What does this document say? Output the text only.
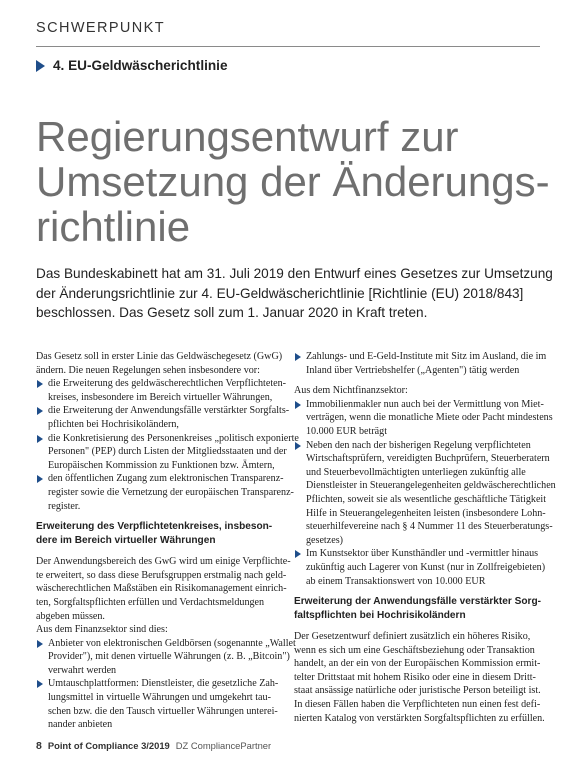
SCHWERPUNKT
4. EU-Geldwäscherichtlinie
Regierungsentwurf zur
Umsetzung der Änderungs-
richtlinie
Das Bundeskabinett hat am 31. Juli 2019 den Entwurf eines Gesetzes zur Umsetzung
der Änderungsrichtlinie zur 4. EU-Geldwäscherichtlinie [Richtlinie (EU) 2018/843]
beschlossen. Das Gesetz soll zum 1. Januar 2020 in Kraft treten.

Das Gesetz soll in erster Linie das Geldwäschegesetz (GwG)
ändern. Die neuen Regelungen sehen insbesondere vor:

die Erweiterung des geldwäscherechtlichen Verpflichteten-
kreises, insbesondere im Bereich virtueller Währungen,
die Erweiterung der Anwendungsfälle verstärkter Sorgfalts-
pflichten bei Hochrisikoländern,
die Konkretisierung des Personenkreises „politisch exponierte
Personen" (PEP) durch Listen der Mitgliedsstaaten und der
Europäischen Kommission zu Funktionen bzw. Ämtern,
den öffentlichen Zugang zum elektronischen Transparenz-
register sowie die Vernetzung der europäischen Transparenz-
register.

Erweiterung des Verpflichtetenkreises, insbeson-
dere im Bereich virtueller Währungen

Der Anwendungsbereich des GwG wird um einige Verpflichte-
te erweitert, so dass diese Berufsgruppen erstmalig nach geld-
wäscherechtlichen Maßstäben ein Risikomanagement einrich-
ten, Sorgfaltspflichten erfüllen und Verdachtsmeldungen
abgeben müssen.
Aus dem Finanzsektor sind dies:

Anbieter von elektronischen Geldbörsen (sogenannte „Wallet
Provider"), mit denen virtuelle Währungen (z. B. „Bitcoin")
verwahrt werden
Umtauschplattformen: Dienstleister, die gesetzliche Zah-
lungsmittel in virtuelle Währungen und umgekehrt tau-
schen bzw. die den Tausch virtueller Währungen unterei-
nander anbieten
Zahlungs- und E-Geld-Institute mit Sitz im Ausland, die im
Inland über Vertriebshelfer („Agenten") tätig werden

Aus dem Nichtfinanzsektor:

Immobilienmakler nun auch bei der Vermittlung von Miet-
verträgen, wenn die monatliche Miete oder Pacht mindestens
10.000 EUR beträgt
Neben den nach der bisherigen Regelung verpflichteten
Wirtschaftsprüfern, vereidigten Buchprüfern, Steuerberatern
und Steuerbevollmächtigten unterliegen zukünftig alle
Dienstleister in Steuerangelegenheiten geldwäscherechtlichen
Pflichten, soweit sie als wesentliche geschäftliche Tätigkeit
Hilfe in Steuerangelegenheiten leisten (insbesondere Lohn-
steuerhilfevereine nach § 4 Nummer 11 des Steuerberatungs-
gesetzes)
Im Kunstsektor über Kunsthändler und -vermittler hinaus
zukünftig auch Lagerer von Kunst (nur in Zollfreigebieten)
ab einem Transaktionswert von 10.000 EUR

Erweiterung der Anwendungsfälle verstärkter Sorg-
faltspflichten bei Hochrisikoländern

Der Gesetzentwurf definiert zusätzlich ein höheres Risiko,
wenn es sich um eine Geschäftsbeziehung oder Transaktion
handelt, an der ein von der Europäischen Kommission ermit-
telter Drittstaat mit hohem Risiko oder eine in diesem Dritt-
staat ansässige natürliche oder juristische Person beteiligt ist.
In diesen Fällen haben die Verpflichteten nun einen fest defi-
nierten Katalog von verstärkten Sorgfaltspflichten zu erfüllen.

8 Point of Compliance 3/2019 DZ CompliancePartner
